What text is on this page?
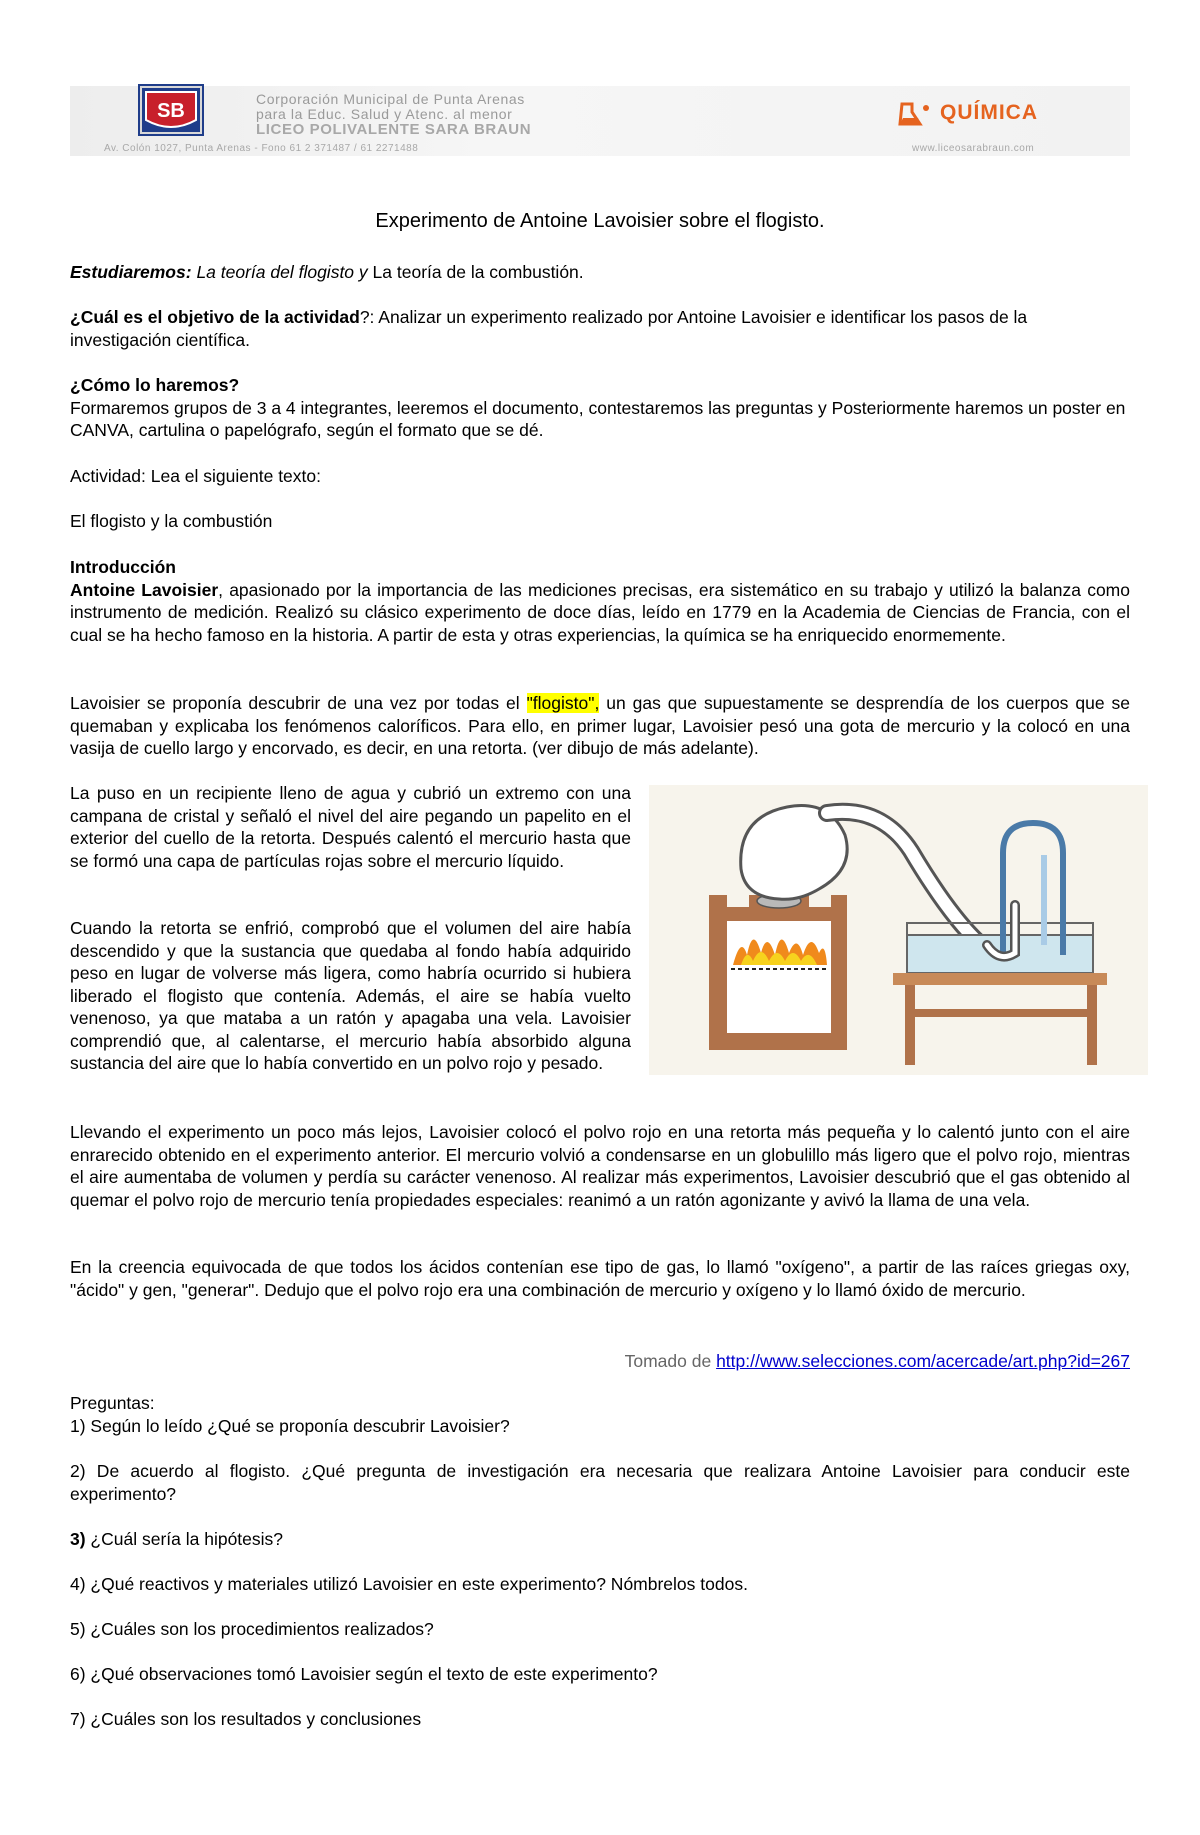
SB
Corporación Municipal de Punta Arenas
para la Educ. Salud y Atenc. al menor
LICEO POLIVALENTE SARA BRAUN
QUÍMICA
Av. Colón 1027, Punta Arenas - Fono 61 2 371487 / 61 2271488	www.liceosarabraun.com
Experimento de Antoine Lavoisier sobre el flogisto.

Estudiaremos: La teoría del flogisto y La teoría de la combustión.

¿Cuál es el objetivo de la actividad?: Analizar un experimento realizado por Antoine Lavoisier e identificar los pasos de la investigación científica.

¿Cómo lo haremos?
Formaremos grupos de 3 a 4 integrantes, leeremos el documento, contestaremos las preguntas y Posteriormente haremos un poster en CANVA, cartulina o papelógrafo, según el formato que se dé.

Actividad: Lea el siguiente texto:

El flogisto y la combustión

Introducción
Antoine Lavoisier, apasionado por la importancia de las mediciones precisas, era sistemático en su trabajo y utilizó la balanza como instrumento de medición. Realizó su clásico experimento de doce días, leído en 1779 en la Academia de Ciencias de Francia, con el cual se ha hecho famoso en la historia. A partir de esta y otras experiencias, la química se ha enriquecido enormemente.

Lavoisier se proponía descubrir de una vez por todas el "flogisto", un gas que supuestamente se desprendía de los cuerpos que se quemaban y explicaba los fenómenos caloríficos. Para ello, en primer lugar, Lavoisier pesó una gota de mercurio y la colocó en una vasija de cuello largo y encorvado, es decir, en una retorta. (ver dibujo de más adelante).

La puso en un recipiente lleno de agua y cubrió un extremo con una campana de cristal y señaló el nivel del aire pegando un papelito en el exterior del cuello de la retorta. Después calentó el mercurio hasta que se formó una capa de partículas rojas sobre el mercurio líquido.

Cuando la retorta se enfrió, comprobó que el volumen del aire había descendido y que la sustancia que quedaba al fondo había adquirido peso en lugar de volverse más ligera, como habría ocurrido si hubiera liberado el flogisto que contenía. Además, el aire se había vuelto venenoso, ya que mataba a un ratón y apagaba una vela. Lavoisier comprendió que, al calentarse, el mercurio había absorbido alguna sustancia del aire que lo había convertido en un polvo rojo y pesado.

Llevando el experimento un poco más lejos, Lavoisier colocó el polvo rojo en una retorta más pequeña y lo calentó junto con el aire enrarecido obtenido en el experimento anterior. El mercurio volvió a condensarse en un globulillo más ligero que el polvo rojo, mientras el aire aumentaba de volumen y perdía su carácter venenoso. Al realizar más experimentos, Lavoisier descubrió que el gas obtenido al quemar el polvo rojo de mercurio tenía propiedades especiales: reanimó a un ratón agonizante y avivó la llama de una vela.

En la creencia equivocada de que todos los ácidos contenían ese tipo de gas, lo llamó "oxígeno", a partir de las raíces griegas oxy, "ácido" y gen, "generar". Dedujo que el polvo rojo era una combinación de mercurio y oxígeno y lo llamó óxido de mercurio.

Tomado de http://www.selecciones.com/acercade/art.php?id=267

Preguntas:
1) Según lo leído ¿Qué se proponía descubrir Lavoisier?

2) De acuerdo al flogisto. ¿Qué pregunta de investigación era necesaria que realizara Antoine Lavoisier para conducir este experimento?

3) ¿Cuál sería la hipótesis?

4) ¿Qué reactivos y materiales utilizó Lavoisier en este experimento? Nómbrelos todos.

5) ¿Cuáles son los procedimientos realizados?

6) ¿Qué observaciones tomó Lavoisier según el texto de este experimento?

7) ¿Cuáles son los resultados y conclusiones
